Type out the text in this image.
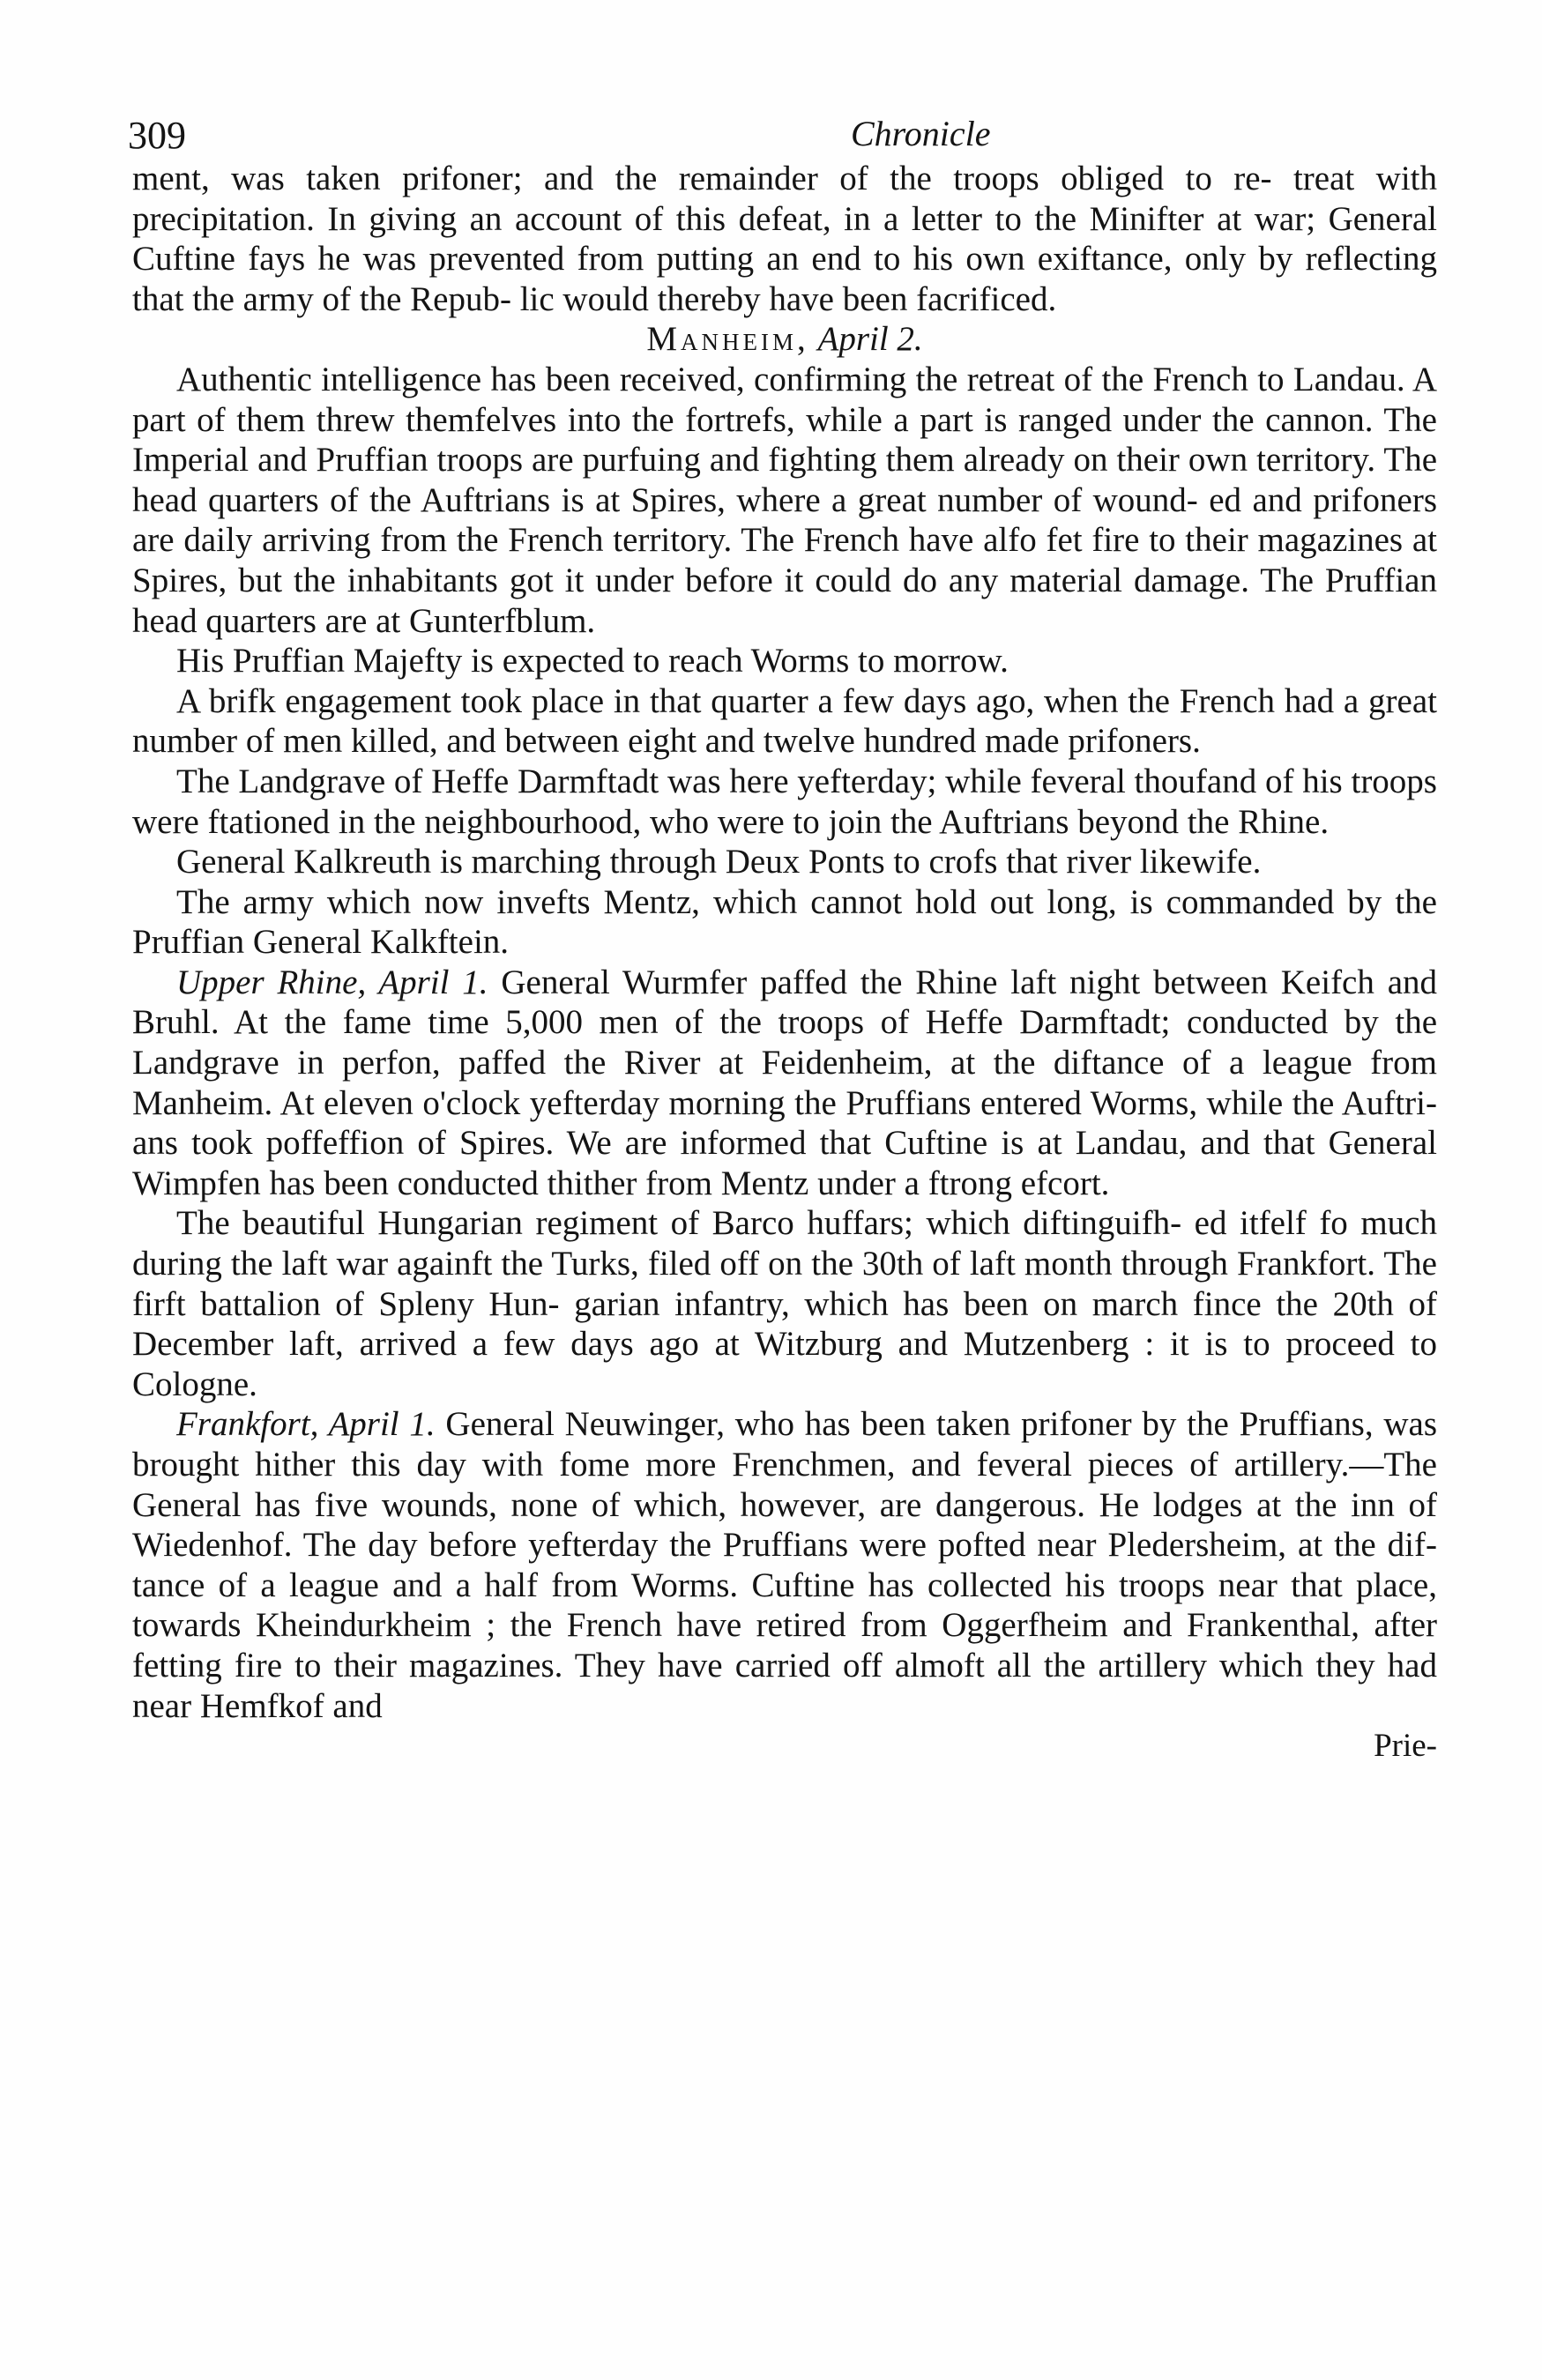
309	Chronicle

ment, was taken prifoner; and the remainder of the troops obliged to re- treat with precipitation. In giving an account of this defeat, in a letter to the Minifter at war; General Cuftine fays he was prevented from putting an end to his own exiftance, only by reflecting that the army of the Repub- lic would thereby have been facrificed.

Manheim, April 2.

Authentic intelligence has been received, confirming the retreat of the French to Landau. A part of them threw themfelves into the fortrefs, while a part is ranged under the cannon. The Imperial and Pruffian troops are purfuing and fighting them already on their own territory. The head quarters of the Auftrians is at Spires, where a great number of wound- ed and prifoners are daily arriving from the French territory. The French have alfo fet fire to their magazines at Spires, but the inhabitants got it under before it could do any material damage. The Pruffian head quarters are at Gunterfblum.

His Pruffian Majefty is expected to reach Worms to morrow.

A brifk engagement took place in that quarter a few days ago, when the French had a great number of men killed, and between eight and twelve hundred made prifoners.

The Landgrave of Heffe Darmftadt was here yefterday; while feveral thoufand of his troops were ftationed in the neighbourhood, who were to join the Auftrians beyond the Rhine.

General Kalkreuth is marching through Deux Ponts to crofs that river likewife.

The army which now invefts Mentz, which cannot hold out long, is commanded by the Pruffian General Kalkftein.

Upper Rhine, April 1. General Wurmfer paffed the Rhine laft night between Keifch and Bruhl. At the fame time 5,000 men of the troops of Heffe Darmftadt; conducted by the Landgrave in perfon, paffed the River at Feidenheim, at the diftance of a league from Manheim. At eleven o'clock yefterday morning the Pruffians entered Worms, while the Auftri- ans took poffeffion of Spires. We are informed that Cuftine is at Landau, and that General Wimpfen has been conducted thither from Mentz under a ftrong efcort.

The beautiful Hungarian regiment of Barco huffars; which diftinguifh- ed itfelf fo much during the laft war againft the Turks, filed off on the 30th of laft month through Frankfort. The firft battalion of Spleny Hun- garian infantry, which has been on march fince the 20th of December laft, arrived a few days ago at Witzburg and Mutzenberg : it is to proceed to Cologne.

Frankfort, April 1. General Neuwinger, who has been taken prifoner by the Pruffians, was brought hither this day with fome more Frenchmen, and feveral pieces of artillery.—The General has five wounds, none of which, however, are dangerous. He lodges at the inn of Wiedenhof. The day before yefterday the Pruffians were pofted near Pledersheim, at the dif- tance of a league and a half from Worms. Cuftine has collected his troops near that place, towards Kheindurkheim ; the French have retired from Oggerfheim and Frankenthal, after fetting fire to their magazines. They have carried off almoft all the artillery which they had near Hemfkof and

Prie-
